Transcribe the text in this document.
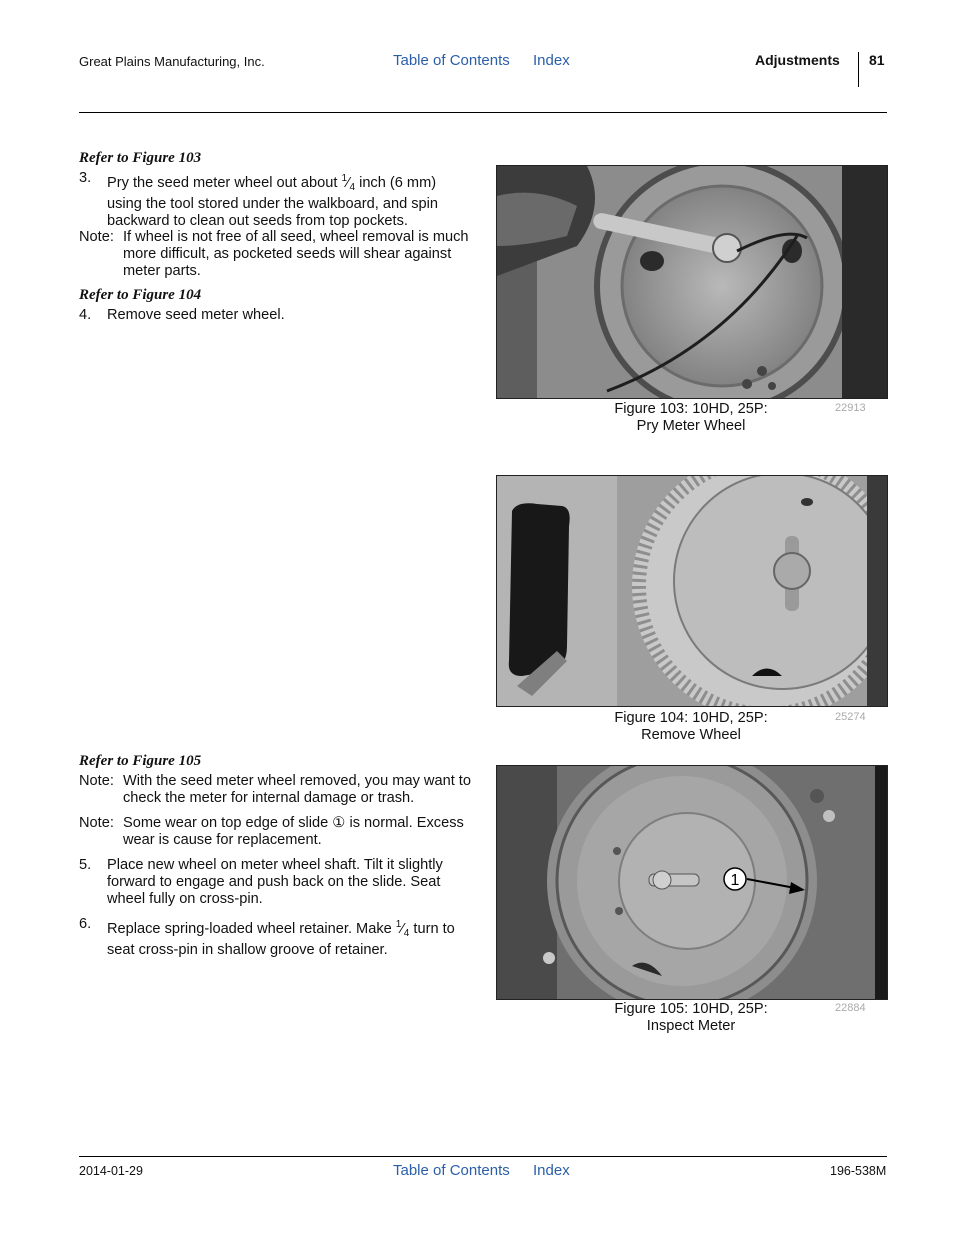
Great Plains Manufacturing, Inc.	Table of Contents Index	Adjustments 81
Refer to Figure 103
3. Pry the seed meter wheel out about $^1⁄_4$ inch (6 mm) using the tool stored under the walkboard, and spin backward to clean out seeds from top pockets.
Note: If wheel is not free of all seed, wheel removal is much more difficult, as pocketed seeds will shear against meter parts.
Refer to Figure 104
4. Remove seed meter wheel.
Refer to Figure 105
Note: With the seed meter wheel removed, you may want to check the meter for internal damage or trash.
Note: Some wear on top edge of slide ① is normal. Excess wear is cause for replacement.
5. Place new wheel on meter wheel shaft. Tilt it slightly forward to engage and push back on the slide. Seat wheel fully on cross-pin.
6. Replace spring-loaded wheel retainer. Make $^1⁄_4$ turn to seat cross-pin in shallow groove of retainer.
Figure 103: 10HD, 25P:
Pry Meter Wheel
22913
Figure 104: 10HD, 25P:
Remove Wheel
25274
1
Figure 105: 10HD, 25P:
Inspect Meter
22884
2014-01-29	Table of Contents Index	196-538M
